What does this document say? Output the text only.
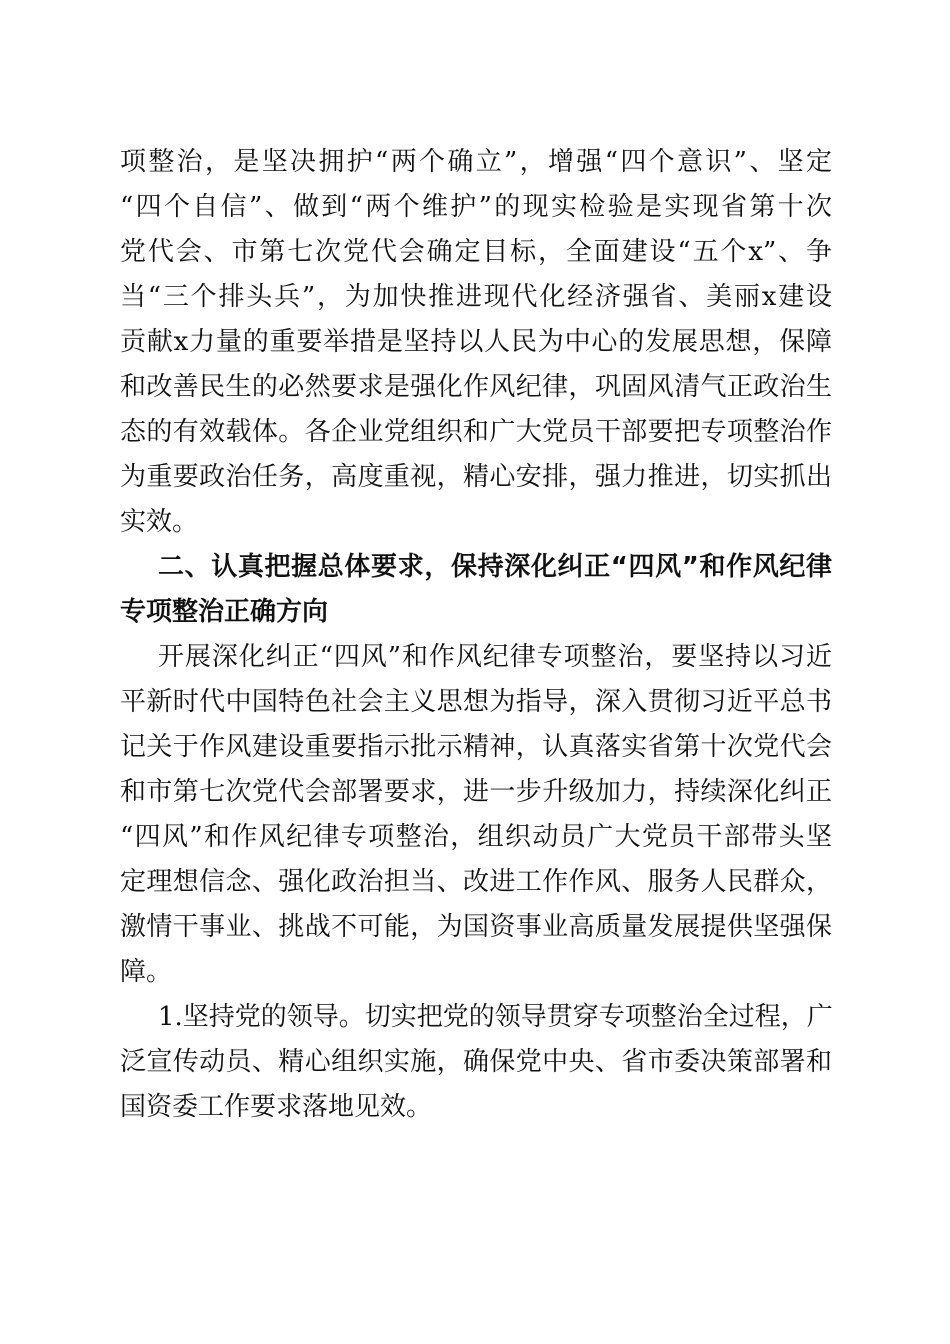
项整治，是坚决拥护“两个确立”，增强“四个意识”、坚定

“四个自信”、做到“两个维护”的现实检验是实现省第十次

党代会、市第七次党代会确定目标，全面建设“五个x”、争

当“三个排头兵”，为加快推进现代化经济强省、美丽x建设

贡献x力量的重要举措是坚持以人民为中心的发展思想，保障

和改善民生的必然要求是强化作风纪律，巩固风清气正政治生

态的有效载体。各企业党组织和广大党员干部要把专项整治作

为重要政治任务，高度重视，精心安排，强力推进，切实抓出

实效。

二、认真把握总体要求，保持深化纠正“四风”和作风纪律

专项整治正确方向

开展深化纠正“四风”和作风纪律专项整治，要坚持以习近

平新时代中国特色社会主义思想为指导，深入贯彻习近平总书

记关于作风建设重要指示批示精神，认真落实省第十次党代会

和市第七次党代会部署要求，进一步升级加力，持续深化纠正

“四风”和作风纪律专项整治，组织动员广大党员干部带头坚

定理想信念、强化政治担当、改进工作作风、服务人民群众，

激情干事业、挑战不可能，为国资事业高质量发展提供坚强保

障。

1.坚持党的领导。切实把党的领导贯穿专项整治全过程，广

泛宣传动员、精心组织实施，确保党中央、省市委决策部署和

国资委工作要求落地见效。
